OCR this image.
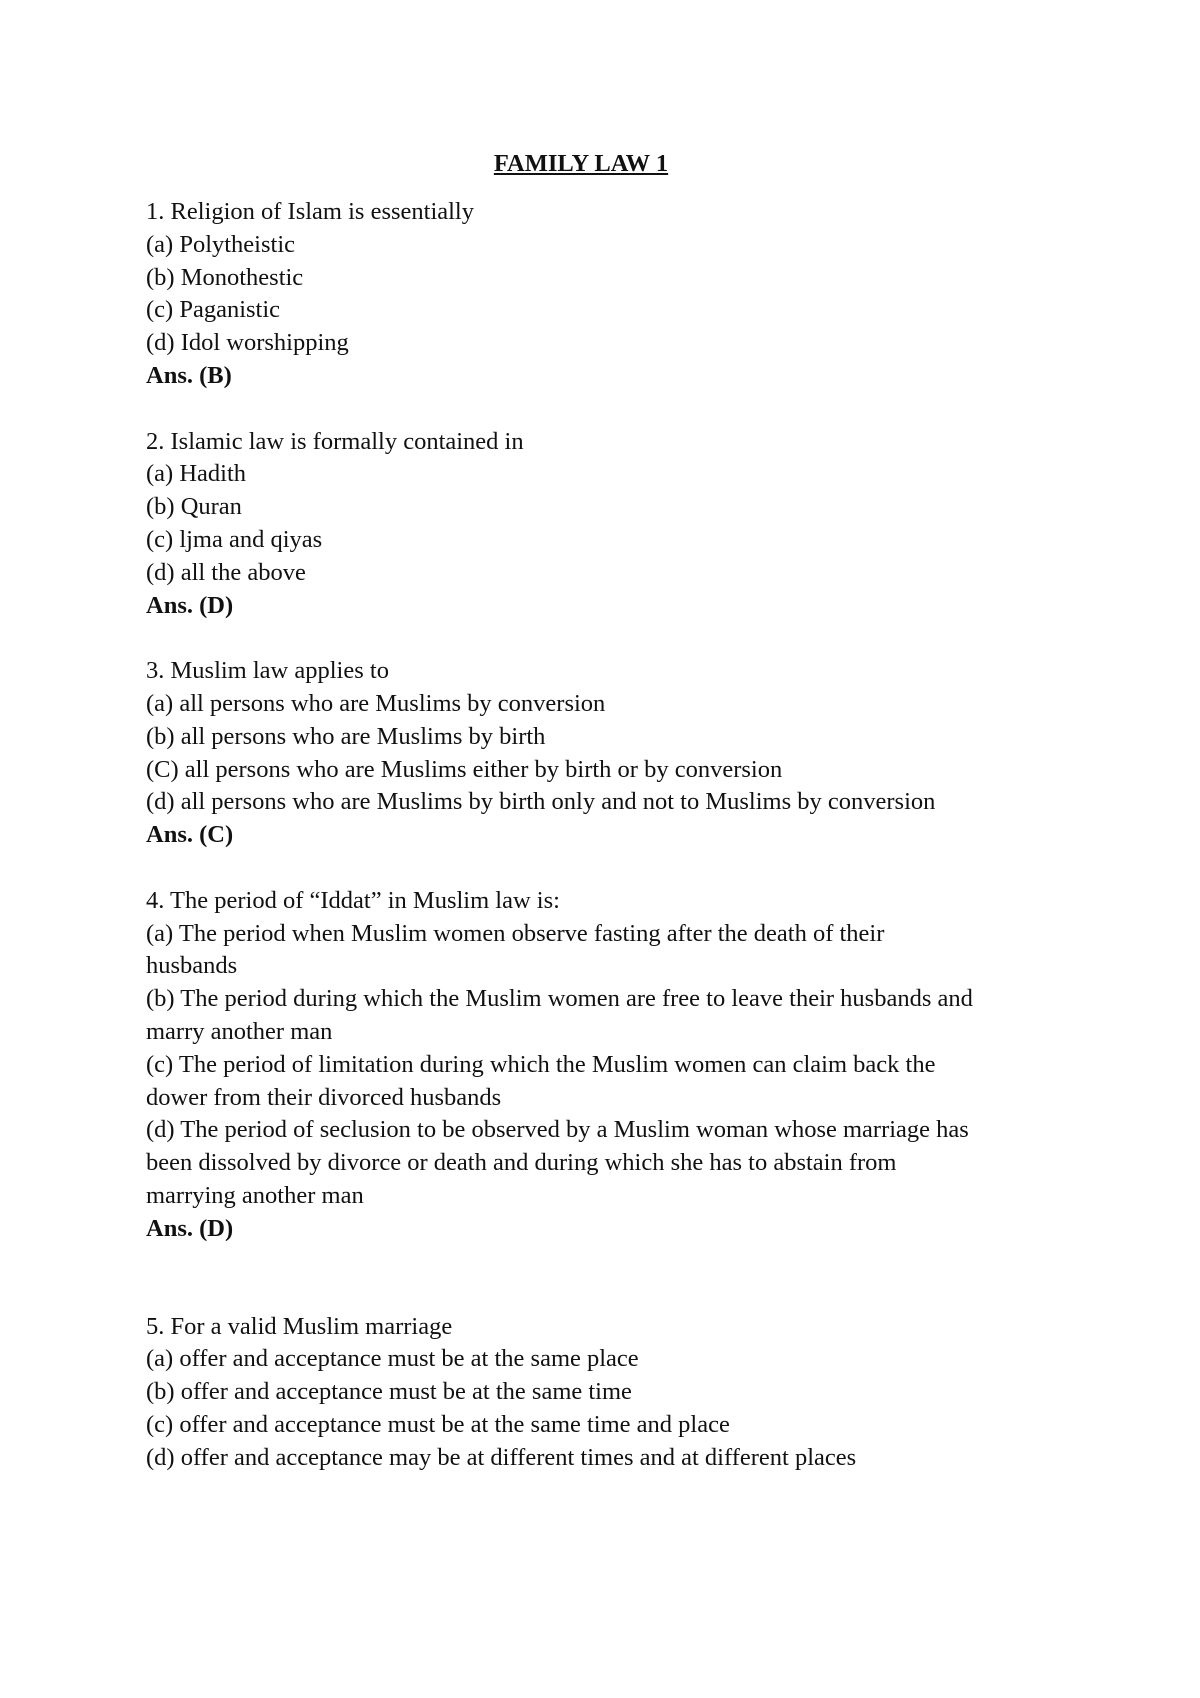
FAMILY LAW 1
1. Religion of Islam is essentially
(a) Polytheistic
(b) Monothestic
(c) Paganistic
(d) Idol worshipping
Ans. (B)
2. Islamic law is formally contained in
(a) Hadith
(b) Quran
(c) ljma and qiyas
(d) all the above
Ans. (D)
3. Muslim law applies to
(a) all persons who are Muslims by conversion
(b) all persons who are Muslims by birth
(C) all persons who are Muslims either by birth or by conversion
(d) all persons who are Muslims by birth only and not to Muslims by conversion
Ans. (C)
4. The period of “Iddat” in Muslim law is:
(a) The period when Muslim women observe fasting after the death of their husbands
(b) The period during which the Muslim women are free to leave their husbands and marry another man
(c) The period of limitation during which the Muslim women can claim back the dower from their divorced husbands
(d) The period of seclusion to be observed by a Muslim woman whose marriage has been dissolved by divorce or death and during which she has to abstain from marrying another man
Ans. (D)
5. For a valid Muslim marriage
(a) offer and acceptance must be at the same place
(b) offer and acceptance must be at the same time
(c) offer and acceptance must be at the same time and place
(d) offer and acceptance may be at different times and at different places
